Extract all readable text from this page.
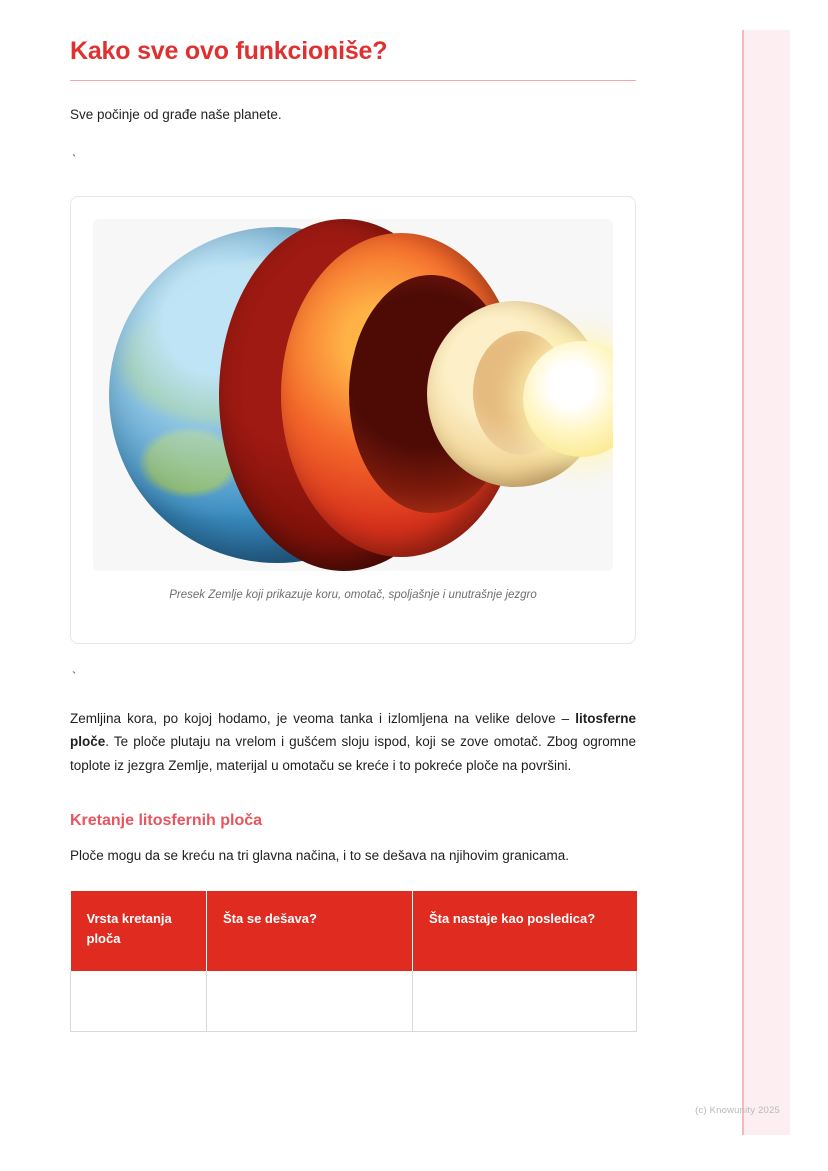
Kako sve ovo funkcioniše?

Sve počinje od građe naše planete.

`
Presek Zemlje koji prikazuje koru, omotač, spoljašnje i unutrašnje jezgro
`

Zemljina kora, po kojoj hodamo, je veoma tanka i izlomljena na velike delove – litosferne ploče. Te ploče plutaju na vrelom i gušćem sloju ispod, koji se zove omotač. Zbog ogromne toplote iz jezgra Zemlje, materijal u omotaču se kreće i to pokreće ploče na površini.

Kretanje litosfernih ploča

Ploče mogu da se kreću na tri glavna načina, i to se dešava na njihovim granicama.

Vrsta kretanja ploča	Šta se dešava?	Šta nastaje kao posledica?

(c) Knowunity 2025
